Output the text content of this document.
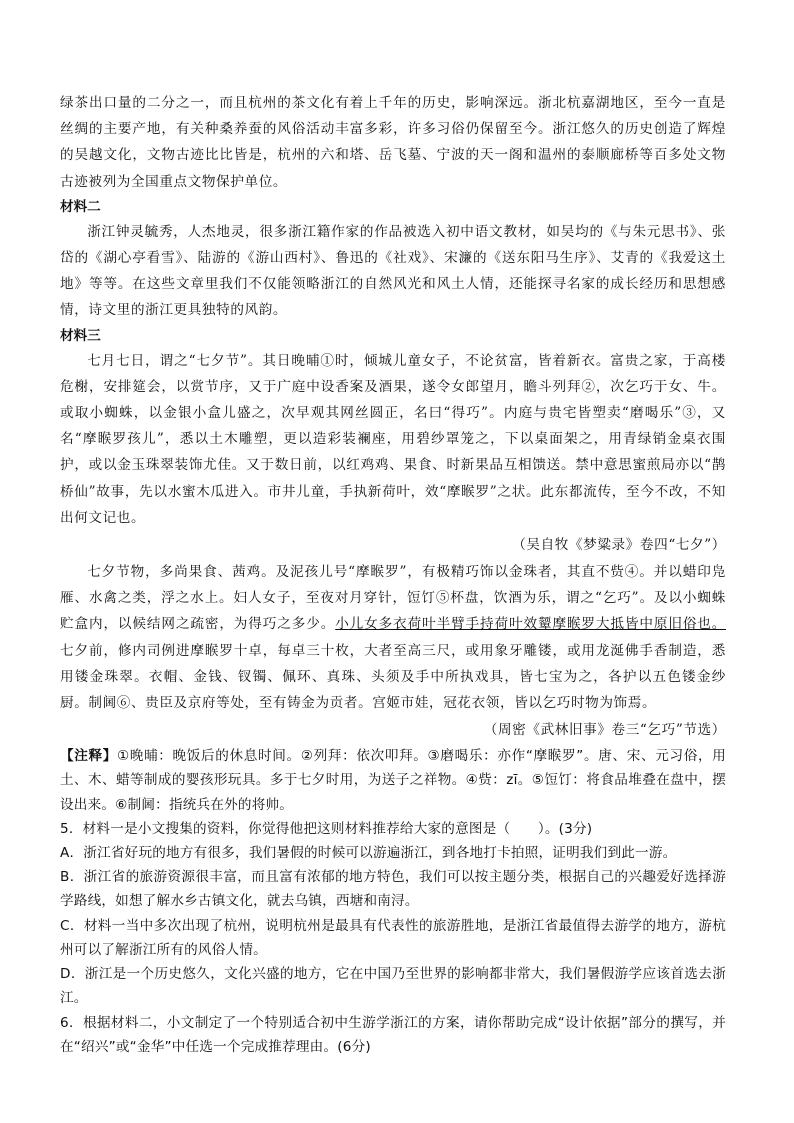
绿茶出口量的二分之一，而且杭州的茶文化有着上千年的历史，影响深远。浙北杭嘉湖地区，至今一直是丝绸的主要产地，有关种桑养蚕的风俗活动丰富多彩，许多习俗仍保留至今。浙江悠久的历史创造了辉煌的吴越文化，文物古迹比比皆是，杭州的六和塔、岳飞墓、宁波的天一阁和温州的泰顺廊桥等百多处文物古迹被列为全国重点文物保护单位。

材料二

浙江钟灵毓秀，人杰地灵，很多浙江籍作家的作品被选入初中语文教材，如吴均的《与朱元思书》、张岱的《湖心亭看雪》、陆游的《游山西村》、鲁迅的《社戏》、宋濂的《送东阳马生序》、艾青的《我爱这土地》等等。在这些文章里我们不仅能领略浙江的自然风光和风土人情，还能探寻名家的成长经历和思想感情，诗文里的浙江更具独特的风韵。

材料三

七月七日，谓之“七夕节”。其日晚晡①时，倾城儿童女子，不论贫富，皆着新衣。富贵之家，于高楼危榭，安排筵会，以赏节序，又于广庭中设香案及酒果，遂令女郎望月，瞻斗列拜②，次乞巧于女、牛。或取小蜘蛛，以金银小盒儿盛之，次早观其网丝圆正，名曰“得巧”。内庭与贵宅皆塑卖“磨喝乐”③，又名“摩睺罗孩儿”，悉以土木雕塑，更以造彩装襕座，用碧纱罩笼之，下以桌面架之，用青绿销金桌衣围护，或以金玉珠翠装饰尤佳。又于数日前，以红鸡鸡、果食、时新果品互相馈送。禁中意思蜜煎局亦以“鹊桥仙”故事，先以水蜜木瓜进入。市井儿童，手执新荷叶，效“摩睺罗”之状。此东都流传，至今不改，不知出何文记也。

（吴自牧《梦粱录》卷四“七夕”）

七夕节物，多尚果食、茜鸡。及泥孩儿号“摩睺罗”，有极精巧饰以金珠者，其直不赀④。并以蜡印凫雁、水禽之类，浮之水上。妇人女子，至夜对月穿针，饾饤⑤杯盘，饮酒为乐，谓之“乞巧”。及以小蜘蛛贮盒内，以候结网之疏密，为得巧之多少。小儿女多衣荷叶半臂手持荷叶效颦摩睺罗大抵皆中原旧俗也。七夕前，修内司例进摩睺罗十卓，每卓三十枚，大者至高三尺，或用象牙雕镂，或用龙涎佛手香制造，悉用镂金珠翠。衣帽、金钱、钗镯、佩环、真珠、头须及手中所执戏具，皆七宝为之，各护以五色镂金纱厨。制阃⑥、贵臣及京府等处，至有铸金为贡者。宫姬市娃，冠花衣领，皆以乞巧时物为饰焉。

（周密《武林旧事》卷三“乞巧”节选）

【注释】①晚晡：晚饭后的休息时间。②列拜：依次叩拜。③磨喝乐：亦作“摩睺罗”。唐、宋、元习俗，用土、木、蜡等制成的婴孩形玩具。多于七夕时用，为送子之祥物。④赀：zī。⑤饾饤：将食品堆叠在盘中，摆设出来。⑥制阃：指统兵在外的将帅。

5．材料一是小文搜集的资料，你觉得他把这则材料推荐给大家的意图是（　　）。(3分)

A．浙江省好玩的地方有很多，我们暑假的时候可以游遍浙江，到各地打卡拍照，证明我们到此一游。

B．浙江省的旅游资源很丰富，而且富有浓郁的地方特色，我们可以按主题分类，根据自己的兴趣爱好选择游学路线，如想了解水乡古镇文化，就去乌镇，西塘和南浔。

C．材料一当中多次出现了杭州，说明杭州是最具有代表性的旅游胜地，是浙江省最值得去游学的地方，游杭州可以了解浙江所有的风俗人情。

D．浙江是一个历史悠久，文化兴盛的地方，它在中国乃至世界的影响都非常大，我们暑假游学应该首选去浙江。

6．根据材料二，小文制定了一个特别适合初中生游学浙江的方案，请你帮助完成“设计依据”部分的撰写，并在“绍兴”或“金华”中任选一个完成推荐理由。(6分)
